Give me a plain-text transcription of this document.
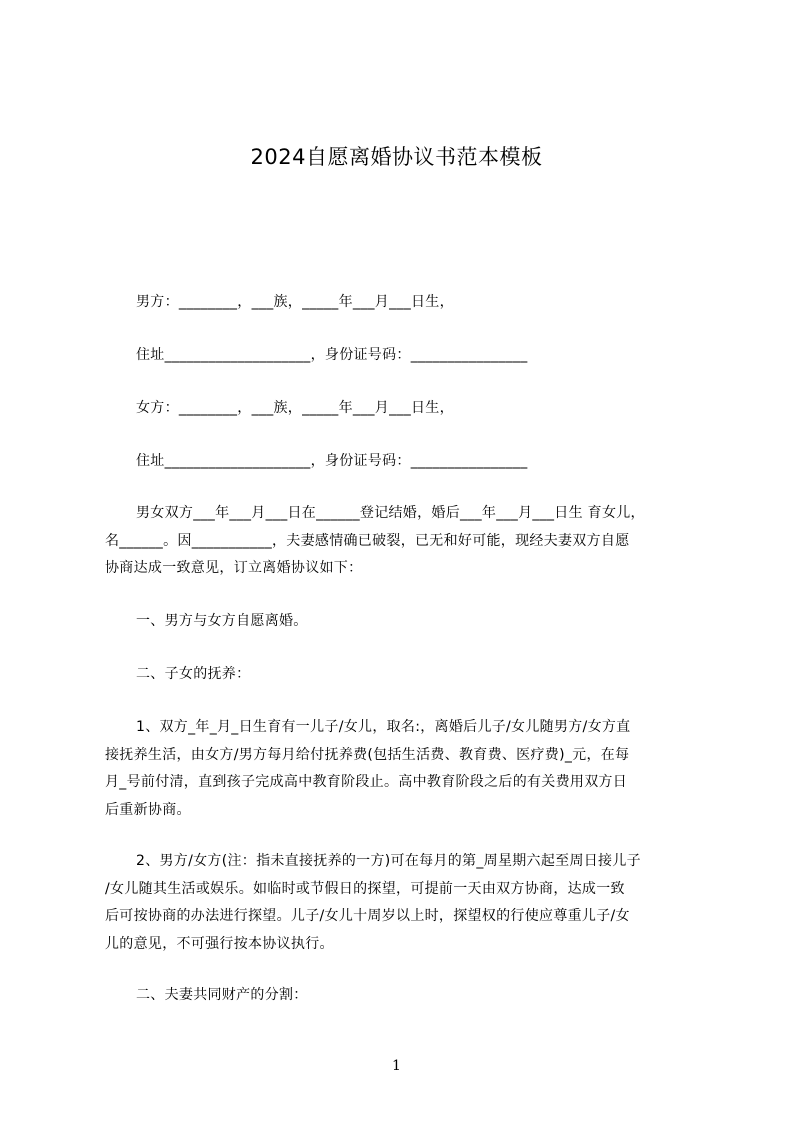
2024自愿离婚协议书范本模板
男方：________，___族，_____年___月___日生，
住址____________________，身份证号码：________________
女方：________，___族，_____年___月___日生，
住址____________________，身份证号码：________________
男女双方___年___月___日在______登记结婚，婚后___年___月___日生 育女儿，
名______。因___________，夫妻感情确已破裂，已无和好可能，现经夫妻双方自愿
协商达成一致意见，订立离婚协议如下：
一、男方与女方自愿离婚。
二、子女的抚养：
1、双方_年_月_日生育有一儿子/女儿，取名:，离婚后儿子/女儿随男方/女方直
接抚养生活，由女方/男方每月给付抚养费(包括生活费、教育费、医疗费)_元，在每
月_号前付清，直到孩子完成高中教育阶段止。高中教育阶段之后的有关费用双方日
后重新协商。
2、男方/女方(注：指未直接抚养的一方)可在每月的第_周星期六起至周日接儿子
/女儿随其生活或娱乐。如临时或节假日的探望，可提前一天由双方协商，达成一致
后可按协商的办法进行探望。儿子/女儿十周岁以上时，探望权的行使应尊重儿子/女
儿的意见，不可强行按本协议执行。
二、夫妻共同财产的分割：
1
